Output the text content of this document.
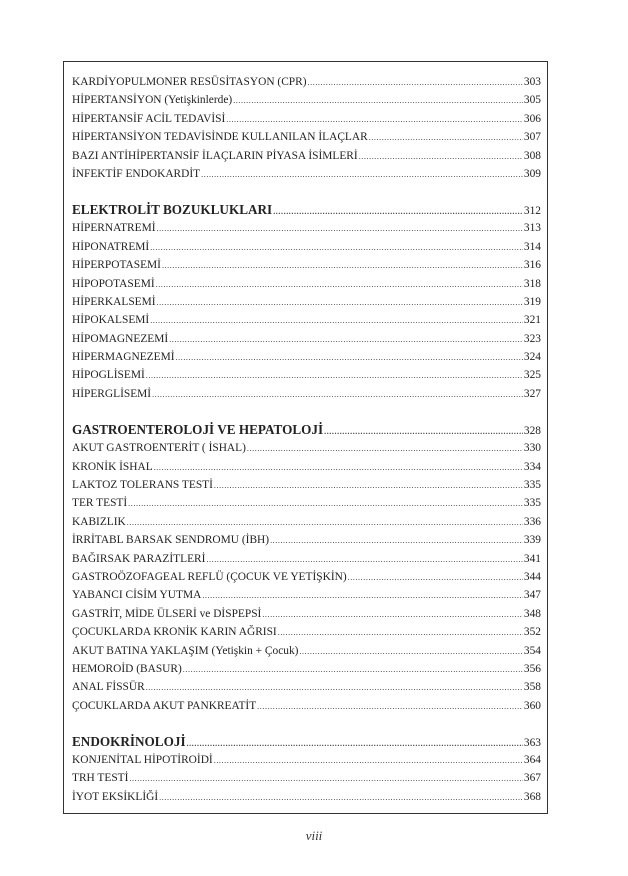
KARDİYOPULMONER RESÜSİTASYON (CPR) .....	303
HİPERTANSİYON (Yetişkinlerde) .....	305
HİPERTANSİF ACİL TEDAVİSİ .....	306
HİPERTANSİYON TEDAVİSİNDE KULLANILAN İLAÇLAR .....	307
BAZI ANTİHİPERTANSİF İLAÇLARIN PİYASA İSİMLERİ .....	308
İNFEKTİF ENDOKARDİT .....	309
ELEKTROLİT BOZUKLUKLARI .....	312
HİPERNATREMİ .....	313
HİPONATREMİ .....	314
HİPERPOTASEMİ .....	316
HİPOPOTASEMİ .....	318
HİPERKALSEMİ .....	319
HİPOKALSEMİ .....	321
HİPOMAGNEZEMİ .....	323
HİPERMAGNEZEMİ .....	324
HİPOGLİSEMİ .....	325
HİPERGLİSEMİ .....	327
GASTROENTEROLOJİ VE HEPATOLOJİ .....	328
AKUT GASTROENTERİT ( İSHAL) .....	330
KRONİK İSHAL .....	334
LAKTOZ TOLERANS TESTİ .....	335
TER TESTİ .....	335
KABIZLIK .....	336
İRRİTABL BARSAK SENDROMU (İBH) .....	339
BAĞIRSAK PARAZİTLERİ .....	341
GASTROÖZOFAGEAL REFLÜ (ÇOCUK VE YETİŞKİN) .....	344
YABANCI CİSİM YUTMA .....	347
GASTRİT, MİDE ÜLSERİ ve DİSPEPSİ .....	348
ÇOCUKLARDA KRONİK KARIN AĞRISI .....	352
AKUT BATINA YAKLAŞIM (Yetişkin + Çocuk) .....	354
HEMOROİD (BASUR) .....	356
ANAL FİSSÜR .....	358
ÇOCUKLARDA AKUT PANKREATİT .....	360
ENDOKRİNOLOJİ .....	363
KONJENİTAL HİPOTİROİDİ .....	364
TRH TESTİ .....	367
İYOT EKSİKLİĞİ .....	368
viii
